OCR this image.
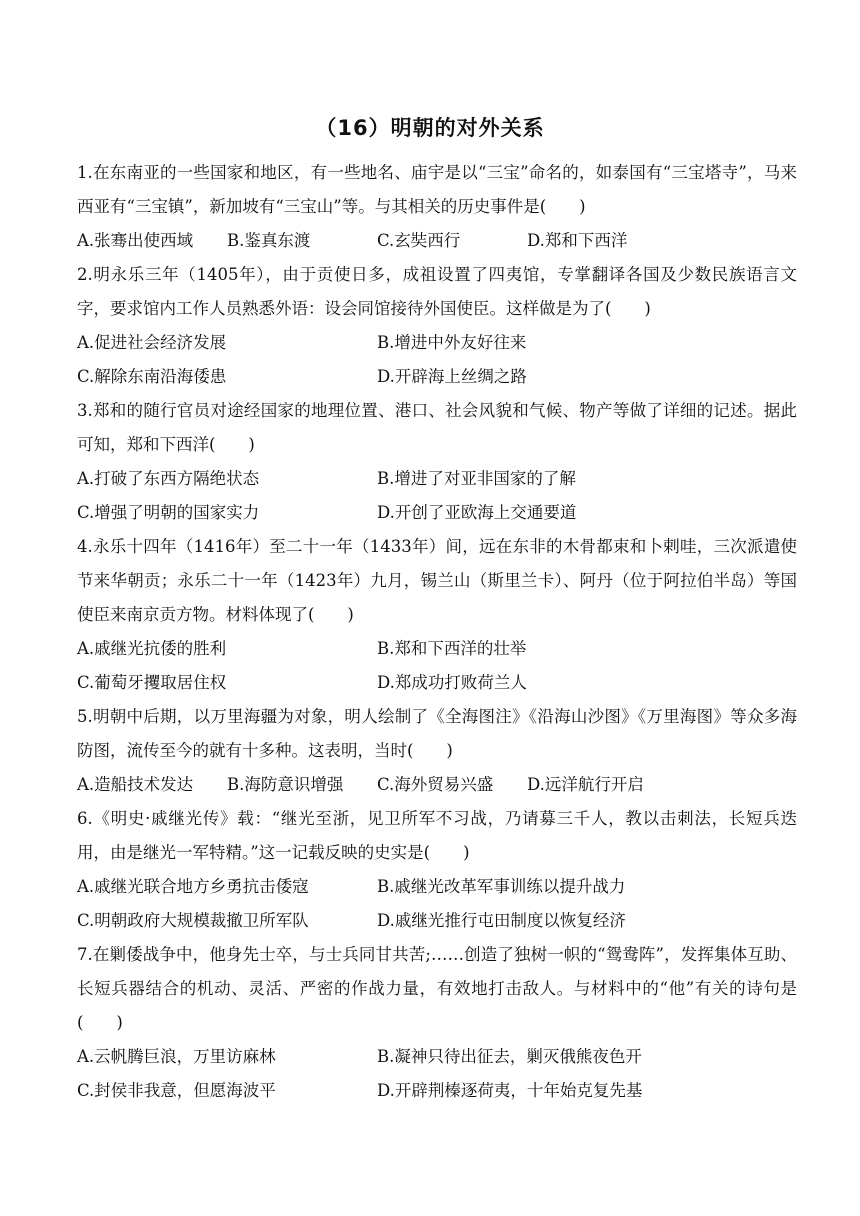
（16）明朝的对外关系

1.在东南亚的一些国家和地区，有一些地名、庙宇是以“三宝”命名的，如泰国有“三宝塔寺”，马来西亚有“三宝镇”，新加坡有“三宝山”等。与其相关的历史事件是(　　)

A.张骞出使西域	B.鉴真东渡	C.玄奘西行	D.郑和下西洋

2.明永乐三年（1405年），由于贡使日多，成祖设置了四夷馆，专掌翻译各国及少数民族语言文字，要求馆内工作人员熟悉外语：设会同馆接待外国使臣。这样做是为了(　　)

A.促进社会经济发展	B.增进中外友好往来
C.解除东南沿海倭患	D.开辟海上丝绸之路

3.郑和的随行官员对途经国家的地理位置、港口、社会风貌和气候、物产等做了详细的记述。据此可知，郑和下西洋(　　)

A.打破了东西方隔绝状态	B.增进了对亚非国家的了解
C.增强了明朝的国家实力	D.开创了亚欧海上交通要道

4.永乐十四年（1416年）至二十一年（1433年）间，远在东非的木骨都束和卜剌哇，三次派遣使节来华朝贡；永乐二十一年（1423年）九月，锡兰山（斯里兰卡）、阿丹（位于阿拉伯半岛）等国使臣来南京贡方物。材料体现了(　　)

A.戚继光抗倭的胜利	B.郑和下西洋的壮举
C.葡萄牙攫取居住权	D.郑成功打败荷兰人

5.明朝中后期，以万里海疆为对象，明人绘制了《全海图注》《沿海山沙图》《万里海图》等众多海防图，流传至今的就有十多种。这表明，当时(　　)

A.造船技术发达	B.海防意识增强	C.海外贸易兴盛	D.远洋航行开启

6.《明史·戚继光传》载：“继光至浙，见卫所军不习战，乃请募三千人，教以击刺法，长短兵迭用，由是继光一军特精。”这一记载反映的史实是(　　)

A.戚继光联合地方乡勇抗击倭寇	B.戚继光改革军事训练以提升战力
C.明朝政府大规模裁撤卫所军队	D.戚继光推行屯田制度以恢复经济

7.在剿倭战争中，他身先士卒，与士兵同甘共苦;……创造了独树一帜的“鸳鸯阵”，发挥集体互助、长短兵器结合的机动、灵活、严密的作战力量，有效地打击敌人。与材料中的“他”有关的诗句是(　　)

A.云帆腾巨浪，万里访麻林	B.凝神只待出征去，剿灭俄熊夜色开
C.封侯非我意，但愿海波平	D.开辟荆榛逐荷夷，十年始克复先基
